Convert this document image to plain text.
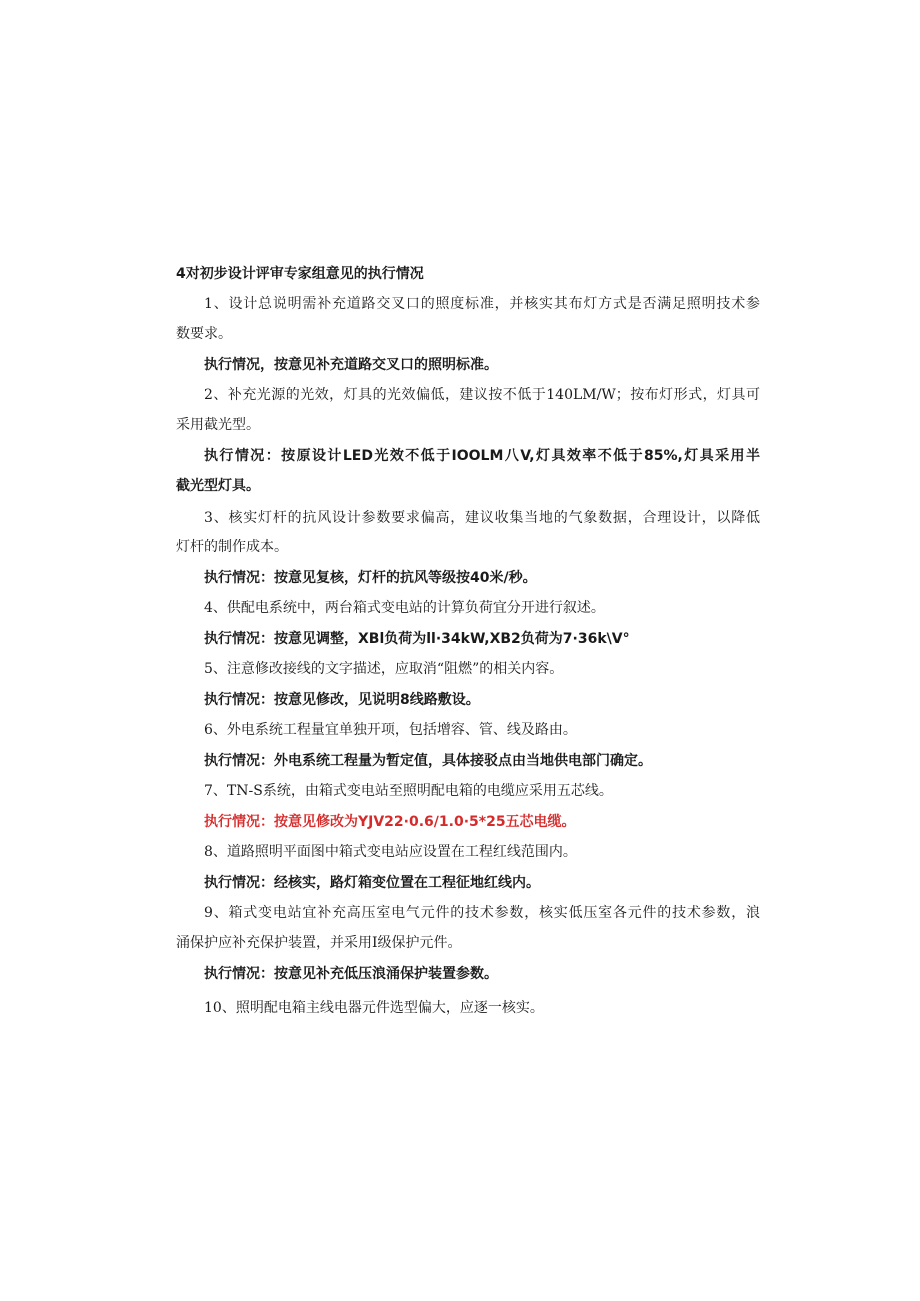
4对初步设计评审专家组意见的执行情况
1、设计总说明需补充道路交叉口的照度标准，并核实其布灯方式是否满足照明技术参
数要求。
执行情况，按意见补充道路交叉口的照明标准。
2、补充光源的光效，灯具的光效偏低，建议按不低于140LM/W；按布灯形式，灯具可
采用截光型。
执行情况：按原设计LED光效不低于IOOLM八V,灯具效率不低于85%,灯具采用半
截光型灯具。
3、核实灯杆的抗风设计参数要求偏高，建议收集当地的气象数据，合理设计，以降低
灯杆的制作成本。
执行情况：按意见复核，灯杆的抗风等级按40米/秒。
4、供配电系统中，两台箱式变电站的计算负荷宜分开进行叙述。
执行情况：按意见调整，XBl负荷为ll·34kW,XB2负荷为7·36k\V°
5、注意修改接线的文字描述，应取消“阻燃”的相关内容。
执行情况：按意见修改，见说明8线路敷设。
6、外电系统工程量宜单独开项，包括增容、管、线及路由。
执行情况：外电系统工程量为暂定值，具体接驳点由当地供电部门确定。
7、TN-S系统，由箱式变电站至照明配电箱的电缆应采用五芯线。
执行情况：按意见修改为YJV22·0.6∕1.0·5*25五芯电缆。
8、道路照明平面图中箱式变电站应设置在工程红线范围内。
执行情况：经核实，路灯箱变位置在工程征地红线内。
9、箱式变电站宜补充高压室电气元件的技术参数，核实低压室各元件的技术参数，浪
涌保护应补充保护装置，并采用I级保护元件。
执行情况：按意见补充低压浪涌保护装置参数。
10、照明配电箱主线电器元件选型偏大，应逐一核实。
